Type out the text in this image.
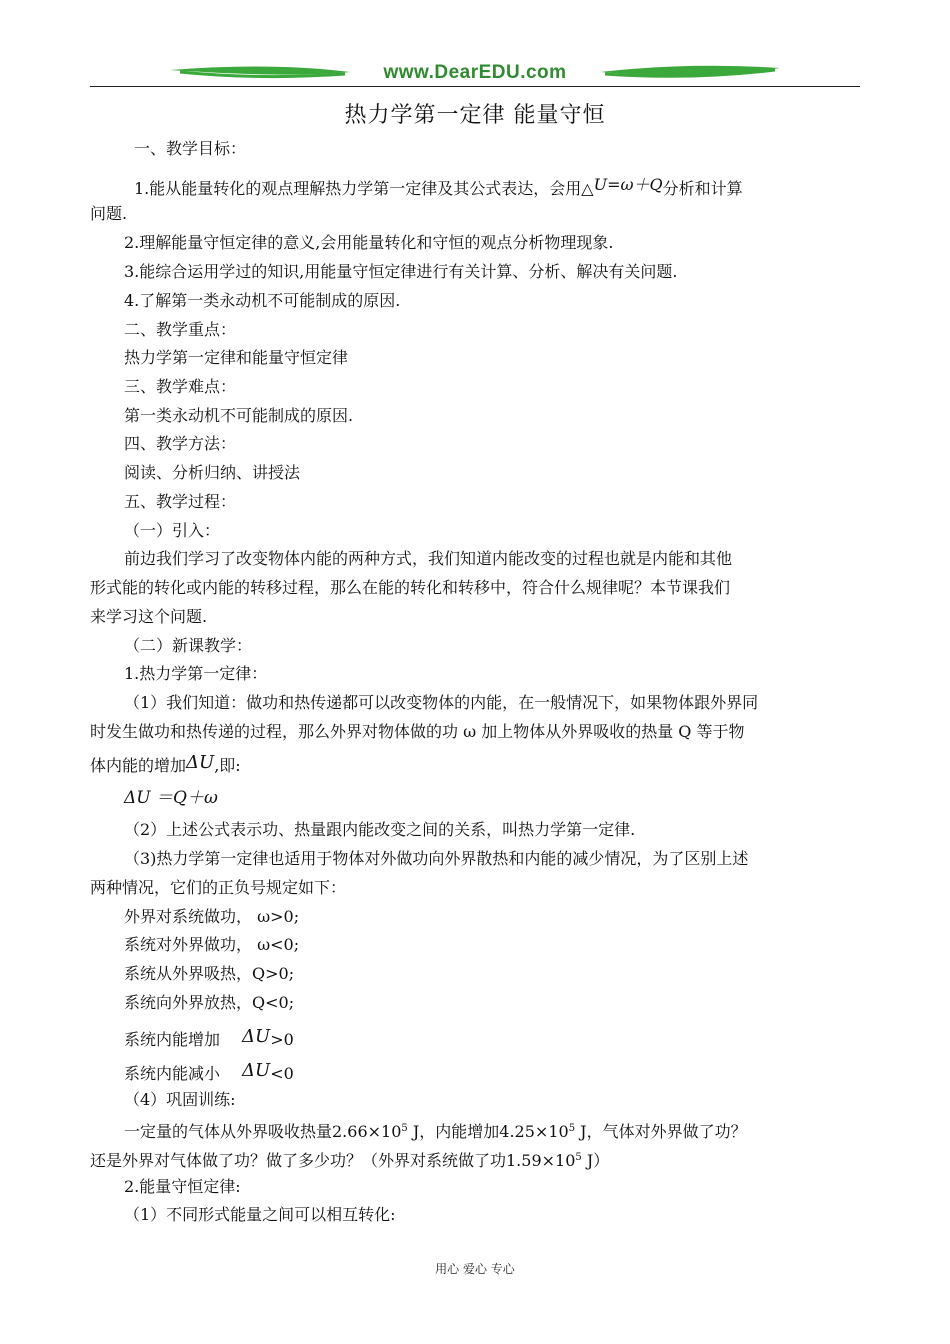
www.DearEDU.com
热力学第一定律 能量守恒
一、教学目标：
1.能从能量转化的观点理解热力学第一定律及其公式表达，会用△U=ω＋Q分析和计算
问题.
2.理解能量守恒定律的意义,会用能量转化和守恒的观点分析物理现象.
3.能综合运用学过的知识,用能量守恒定律进行有关计算、分析、解决有关问题.
4.了解第一类永动机不可能制成的原因.
二、教学重点：
热力学第一定律和能量守恒定律
三、教学难点：
第一类永动机不可能制成的原因.
四、教学方法：
阅读、分析归纳、讲授法
五、教学过程：
（一）引入：
前边我们学习了改变物体内能的两种方式，我们知道内能改变的过程也就是内能和其他
形式能的转化或内能的转移过程，那么在能的转化和转移中，符合什么规律呢？本节课我们
来学习这个问题.
（二）新课教学：
1.热力学第一定律：
（1）我们知道：做功和热传递都可以改变物体的内能，在一般情况下，如果物体跟外界同
时发生做功和热传递的过程，那么外界对物体做的功 ω 加上物体从外界吸收的热量 Q 等于物
体内能的增加ΔU,即:
ΔU ＝Q＋ω
（2）上述公式表示功、热量跟内能改变之间的关系，叫热力学第一定律.
（3)热力学第一定律也适用于物体对外做功向外界散热和内能的减少情况，为了区别上述
两种情况，它们的正负号规定如下：
外界对系统做功， ω>0;
系统对外界做功， ω<0;
系统从外界吸热，Q>0;
系统向外界放热，Q<0;
系统内能增加 ΔU>0
系统内能减小 ΔU<0
（4）巩固训练:
一定量的气体从外界吸收热量$2.66\times 10^5$ J，内能增加$4.25\times 10^5$ J，气体对外界做了功？
还是外界对气体做了功？做了多少功？（外界对系统做了功$1.59\times 10^5$ J）
2.能量守恒定律:
（1）不同形式能量之间可以相互转化:
用心 爱心 专心
